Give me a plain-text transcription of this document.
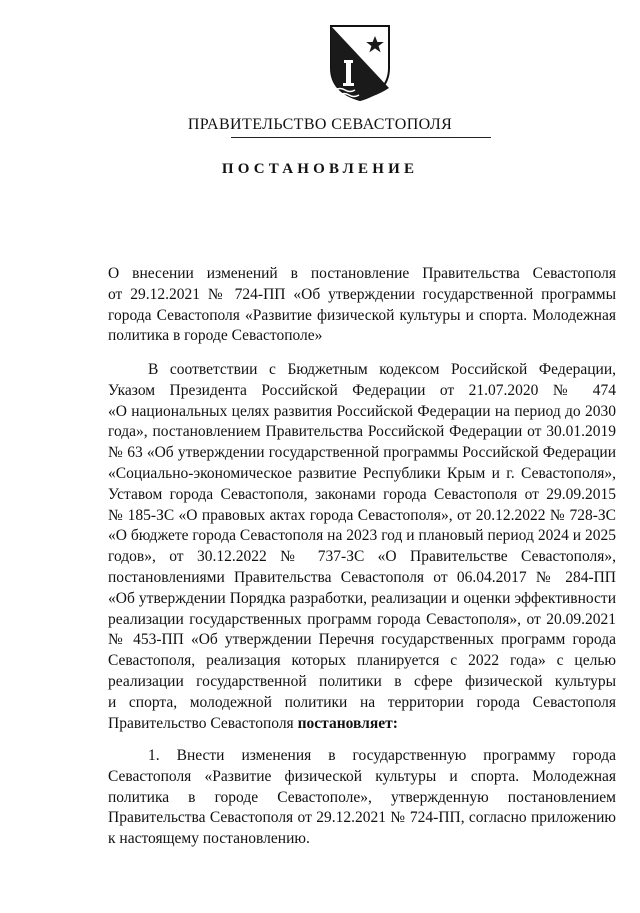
ПРАВИТЕЛЬСТВО СЕВАСТОПОЛЯ
ПОСТАНОВЛЕНИЕ
О внесении изменений в постановление Правительства Севастополя
от 29.12.2021 № 724-ПП «Об утверждении государственной программы
города Севастополя «Развитие физической культуры и спорта. Молодежная
политика в городе Севастополе»
В соответствии с Бюджетным кодексом Российской Федерации,
Указом Президента Российской Федерации от 21.07.2020 № 474
«О национальных целях развития Российской Федерации на период до 2030
года», постановлением Правительства Российской Федерации от 30.01.2019
№ 63 «Об утверждении государственной программы Российской Федерации
«Социально-экономическое развитие Республики Крым и г. Севастополя»,
Уставом города Севастополя, законами города Севастополя от 29.09.2015
№ 185-ЗС «О правовых актах города Севастополя», от 20.12.2022 № 728-ЗС
«О бюджете города Севастополя на 2023 год и плановый период 2024 и 2025
годов», от 30.12.2022 № 737-ЗС «О Правительстве Севастополя»,
постановлениями Правительства Севастополя от 06.04.2017 № 284-ПП
«Об утверждении Порядка разработки, реализации и оценки эффективности
реализации государственных программ города Севастополя», от 20.09.2021
№ 453-ПП «Об утверждении Перечня государственных программ города
Севастополя, реализация которых планируется с 2022 года» с целью
реализации государственной политики в сфере физической культуры
и спорта, молодежной политики на территории города Севастополя
Правительство Севастополя постановляет:
1. Внести изменения в государственную программу города
Севастополя «Развитие физической культуры и спорта. Молодежная
политика в городе Севастополе», утвержденную постановлением
Правительства Севастополя от 29.12.2021 № 724-ПП, согласно приложению
к настоящему постановлению.
